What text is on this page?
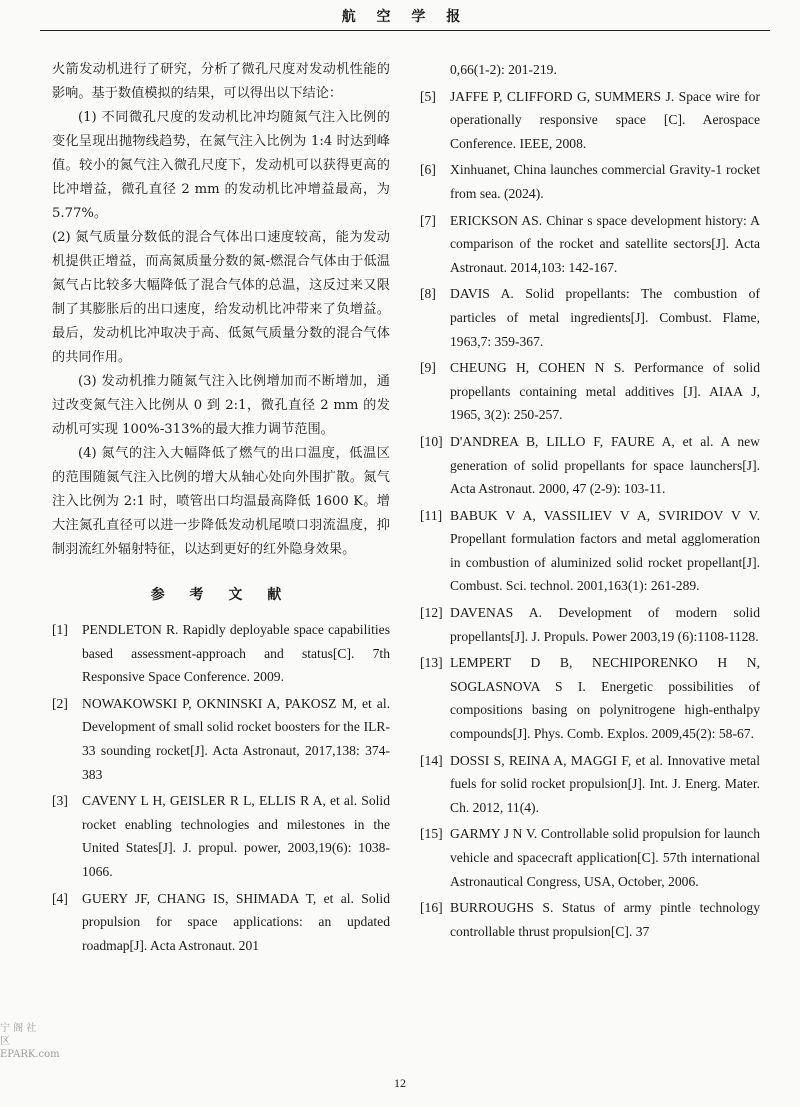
航 空 学 报

火箭发动机进行了研究，分析了微孔尺度对发动机性能的影响。基于数值模拟的结果，可以得出以下结论：

(1) 不同微孔尺度的发动机比冲均随氮气注入比例的变化呈现出抛物线趋势，在氮气注入比例为 1:4 时达到峰值。较小的氮气注入微孔尺度下，发动机可以获得更高的比冲增益，微孔直径 2 mm 的发动机比冲增益最高，为 5.77%。

(2) 氮气质量分数低的混合气体出口速度较高，能为发动机提供正增益，而高氮质量分数的氮-燃混合气体由于低温氮气占比较多大幅降低了混合气体的总温，这反过来又限制了其膨胀后的出口速度，给发动机比冲带来了负增益。最后，发动机比冲取决于高、低氮气质量分数的混合气体的共同作用。

(3) 发动机推力随氮气注入比例增加而不断增加，通过改变氮气注入比例从 0 到 2:1，微孔直径 2 mm 的发动机可实现 100%-313%的最大推力调节范围。

(4) 氮气的注入大幅降低了燃气的出口温度，低温区的范围随氮气注入比例的增大从轴心处向外围扩散。氮气注入比例为 2:1 时，喷管出口均温最高降低 1600 K。增大注氮孔直径可以进一步降低发动机尾喷口羽流温度，抑制羽流红外辐射特征，以达到更好的红外隐身效果。

参 考 文 献
[1]	PENDLETON R. Rapidly deployable space capabilities based assessment-approach and status[C]. 7th Responsive Space Conference. 2009.
[2]	NOWAKOWSKI P, OKNINSKI A, PAKOSZ M, et al. Development of small solid rocket boosters for the ILR-33 sounding rocket[J]. Acta Astronaut, 2017,138: 374-383
[3]	CAVENY L H, GEISLER R L, ELLIS R A, et al. Solid rocket enabling technologies and milestones in the United States[J]. J. propul. power, 2003,19(6): 1038-1066.
[4]	GUERY JF, CHANG IS, SHIMADA T, et al. Solid propulsion for space applications: an updated roadmap[J]. Acta Astronaut. 201
0,66(1-2): 201-219.
[5]	JAFFE P, CLIFFORD G, SUMMERS J. Space wire for operationally responsive space [C]. Aerospace Conference. IEEE, 2008.
[6]	Xinhuanet, China launches commercial Gravity-1 rocket from sea. (2024).
[7]	ERICKSON AS. Chinar s space development history: A comparison of the rocket and satellite sectors[J]. Acta Astronaut. 2014,103: 142-167.
[8]	DAVIS A. Solid propellants: The combustion of particles of metal ingredients[J]. Combust. Flame, 1963,7: 359-367.
[9]	CHEUNG H, COHEN N S. Performance of solid propellants containing metal additives [J]. AIAA J, 1965, 3(2): 250-257.
[10] D'ANDREA B, LILLO F, FAURE A, et al. A new generation of solid propellants for space launchers[J]. Acta Astronaut. 2000, 47 (2-9): 103-11.
[11] BABUK V A, VASSILIEV V A, SVIRIDOV V V. Propellant formulation factors and metal agglomeration in combustion of aluminized solid rocket propellant[J]. Combust. Sci. technol. 2001,163(1): 261-289.
[12] DAVENAS A. Development of modern solid propellants[J]. J. Propuls. Power 2003,19 (6):1108-1128.
[13] LEMPERT D B, NECHIPORENKO H N, SOGLASNOVA S I. Energetic possibilities of compositions basing on polynitrogene high-enthalpy compounds[J]. Phys. Comb. Explos. 2009,45(2): 58-67.
[14] DOSSI S, REINA A, MAGGI F, et al. Innovative metal fuels for solid rocket propulsion[J]. Int. J. Energ. Mater. Ch. 2012, 11(4).
[15] GARMY J N V. Controllable solid propulsion for launch vehicle and spacecraft application[C]. 57th international Astronautical Congress, USA, October, 2006.
[16] BURROUGHS S. Status of army pintle technology controllable thrust propulsion[C]. 37
宁 阁 社 区
EPARK.com
12
